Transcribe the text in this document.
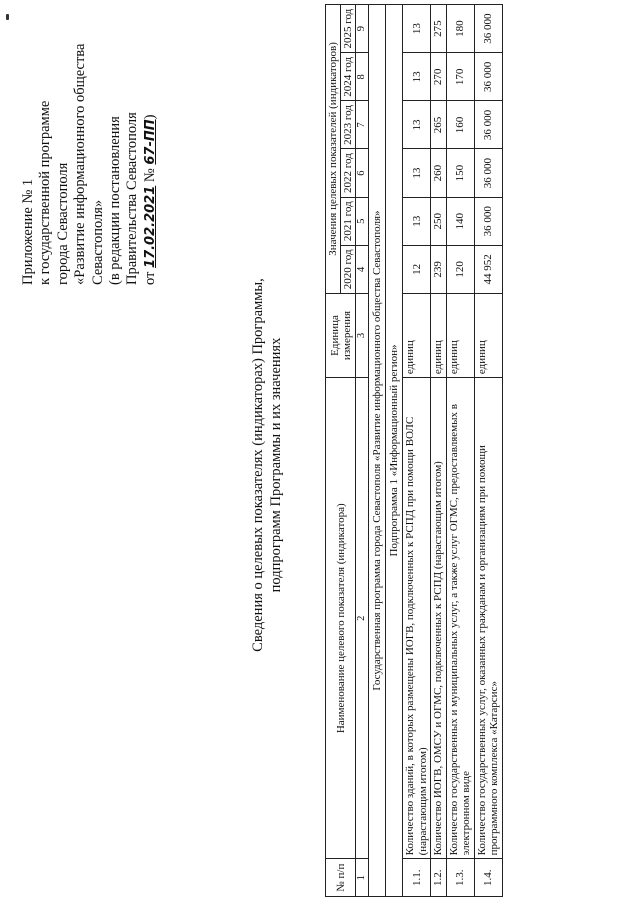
Приложение № 1 к государственной программе города Севастополя «Развитие информационного общества Севастополя» (в редакции постановления Правительства Севастополя от 17.02.2021 № 67-ПП)
Сведения о целевых показателях (индикаторах) Программы, подпрограмм Программы и их значениях
№ п/п	Наименование целевого показателя (индикатора)	Единица измерения	Значения целевых показателей (индикаторов)					
			2020 год	2021 год	2022 год	2023 год	2024 год	2025 год
1	2	3	4	5	6	7	8	9
Государственная программа города Севастополя «Развитие информационного общества Севастополя»								
Подпрограмма 1 «Информационный регион»								
1.1.	Количество зданий, в которых размещены ИОГВ, подключенных к РСПД при помощи ВОЛС (нарастающим итогом)	единиц	12	13	13	13	13	13
1.2.	Количество ИОГВ, ОМСУ и ОГМС, подключенных к РСПД (нарастающим итогом)	единиц	239	250	260	265	270	275
1.3.	Количество государственных и муниципальных услуг, а также услуг ОГМС, предоставляемых в электронном виде	единиц	120	140	150	160	170	180
1.4.	Количество государственных услуг, оказанных гражданам и организациям при помощи программного комплекса «Катарсис»	единиц	44 952	36 000	36 000	36 000	36 000	36 000
